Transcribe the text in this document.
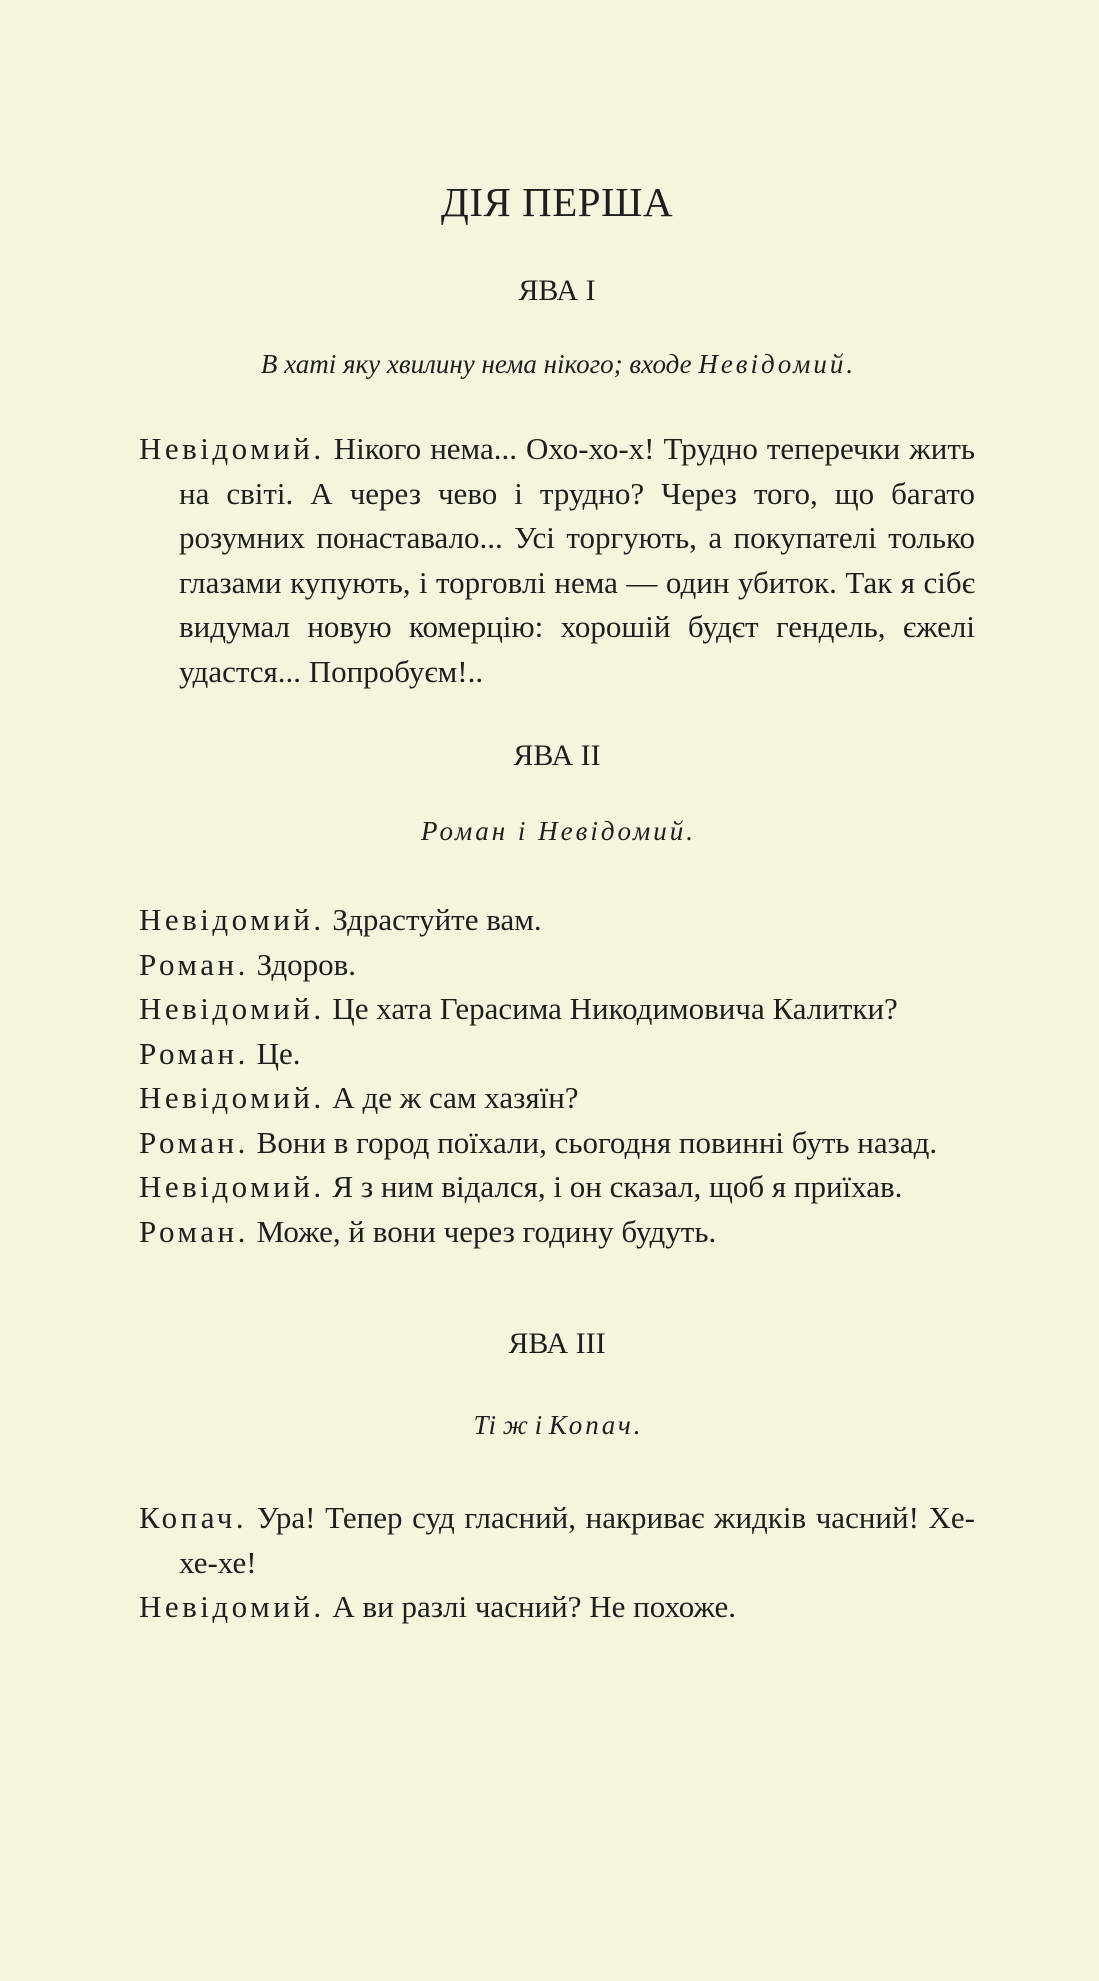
ДІЯ ПЕРША
ЯВА І

В хаті яку хвилину нема нікого; входе Невідомий.

Невідомий. Нікого нема... Охо-хо-х! Трудно теперечки жить на світі. А через чево і трудно? Через того, що багато розумних понаставало... Усі торгують, а покупателі только глазами купують, і торговлі нема — один убиток. Так я сібє видумал новую комерцію: хорошій будєт гендель, єжелі удастся... Попробуєм!..

ЯВА ІІ

Роман і Невідомий.

Невідомий. Здрастуйте вам.

Роман. Здоров.

Невідомий. Це хата Герасима Никодимовича Калитки?

Роман. Це.

Невідомий. А де ж сам хазяїн?

Роман. Вони в город поїхали, сьогодня повинні буть назад.

Невідомий. Я з ним відался, і он сказал, щоб я приїхав.

Роман. Може, й вони через годину будуть.

ЯВА ІІІ

Ті ж і Копач.

Копач. Ура! Тепер суд гласний, накриває жидків часний! Хе-хе-хе!

Невідомий. А ви разлі часний? Не похоже.
